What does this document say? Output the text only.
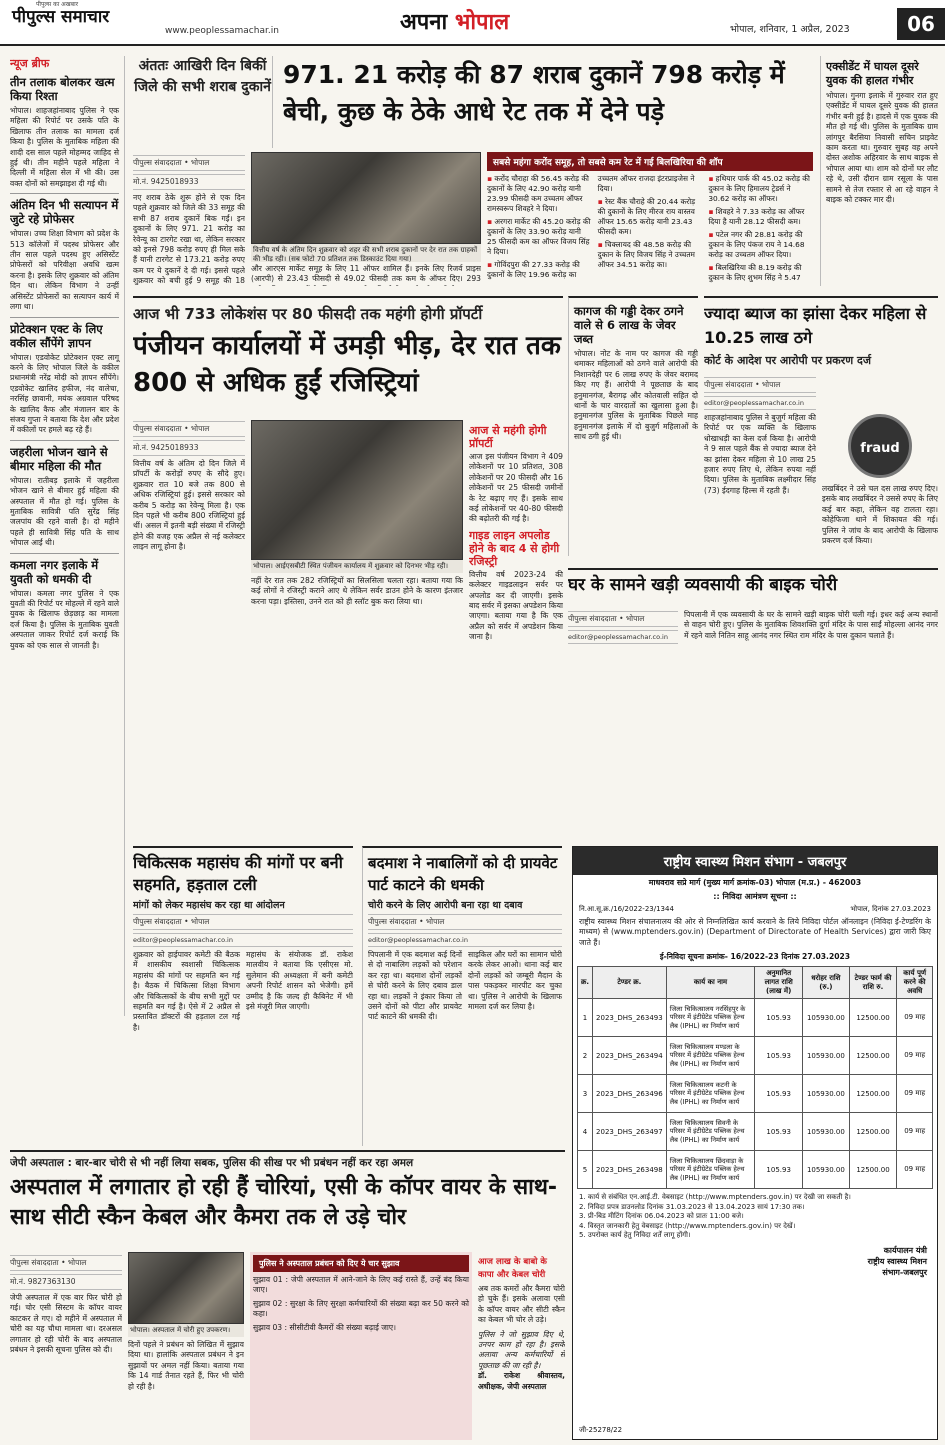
पीपुल्स का अखबार
पीपुल्स समाचार
www.peoplessamachar.in	अपना भोपाल	भोपाल, शनिवार, 1 अप्रैल, 2023	06
न्यूज ब्रीफ
तीन तलाक बोलकर खत्म किया रिश्ता
भोपाल। शाहजहांनाबाद पुलिस ने एक महिला की रिपोर्ट पर उसके पति के खिलाफ तीन तलाक का मामला दर्ज किया है। पुलिस के मुताबिक महिला की शादी दस साल पहले मोहम्मद जाहिद से हुई थी। तीन महीने पहले महिला ने दिल्ली में महिला सेल में भी की। उस वक्त दोनों को समझाइश दी गई थी।
अंतिम दिन भी सत्यापन में जुटे रहे प्रोफेसर
भोपाल। उच्च शिक्षा विभाग को प्रदेश के 513 कॉलेजों में पदस्थ प्रोफेसर और तीन साल पहले पदस्थ हुए असिस्टेंट प्रोफेसरों को परिवीक्षा अवधि खत्म करना है। इसके लिए शुक्रवार को अंतिम दिन था। लेकिन विभाग ने उन्हीं असिस्टेंट प्रोफेसरों का सत्यापन कार्य में लगा था।
प्रोटेक्शन एक्ट के लिए वकील सौंपेंगे ज्ञापन
भोपाल। एडवोकेट प्रोटेक्शन एक्ट लागू करने के लिए भोपाल जिले के वकील प्रधानमंत्री नरेंद्र मोदी को ज्ञापन सौंपेंगे। एडवोकेट खालिद हफीज, नंद वालेचा, नरसिंह छावानी, मयंक अग्रवाल परिषद के खालिद कैफ और मंजालन बार के संजय गुप्ता ने बताया कि देश और प्रदेश में वकीलों पर हमले बढ़ रहे हैं।
जहरीला भोजन खाने से बीमार महिला की मौत
भोपाल। रातीबड़ इलाके में जहरीला भोजन खाने से बीमार हुई महिला की अस्पताल में मौत हो गई। पुलिस के मुताबिक सावित्री पति सुरेंद्र सिंह जलपांय की रहने वाली है। दो महीने पहले ही सावित्री सिंह पति के साथ भोपाल आईं थी।
कमला नगर इलाके में युवती को धमकी दी
भोपाल। कमला नगर पुलिस ने एक युवती की रिपोर्ट पर मोहल्ले में रहने वाले युवक के खिलाफ छेड़छाड़ का मामला दर्ज किया है। पुलिस के मुताबिक युवती अस्पताल जाकर रिपोर्ट दर्ज कराई कि युवक को एक साल से जानती है।
अंततः आखिरी दिन बिकीं जिले की सभी शराब दुकानें 971. 21 करोड़ की 87 शराब दुकानें 798 करोड़ में बेची, कुछ के ठेके आधे रेट तक में देने पड़े
पीपुल्स संवाददाता • भोपाल
मो.नं. 9425018933
नए शराब ठेके शुरू होने से एक दिन पहले शुक्रवार को जिले की 33 समूह की सभी 87 शराब दुकानें बिक गईं। इन दुकानों के लिए 971. 21 करोड़ का रेवेन्यू का टारगेट रखा था, लेकिन सरकार को इनसे 798 करोड़ रुपए ही मिल सके हैं यानी टारगेट से 173.21 करोड़ रुपए कम पर ये दुकानें दे दी गई। इससे पहले शुक्रवार को बची हुई 9 समूह की 18
वित्तीय वर्ष के अंतिम दिन शुक्रवार को शहर की सभी शराब दुकानों पर देर रात तक ग्राहकों की भीड़ रही। (सब फोटो 70 प्रतिशत तक डिस्काउंट दिया गया)
और आरएस मार्केट समूह के लिए 11 ऑफर शामिल हैं। इनके लिए रिजर्व प्राइस (आरपी) से 23.43 फीसदी से 49.02 फीसदी तक कम के ऑफर दिए। 293
सबसे महंगा करोंद समूह, तो सबसे कम रेट में गई बिलखिरिया की शॉप
▪ करोंद चौराहा की 56.45 करोड़ की दुकानों के लिए 42.90 करोड़ यानी 23.99 फीसदी कम उच्चतम ऑफर रामस्वरूप शिवहरे ने दिया।
▪ अरगरा मार्केट की 45.20 करोड़ की दुकानों के लिए 33.90 करोड़ यानी 25 फीसदी कम का ऑफर विजय सिंह ने दिया।
▪ गोविंदपुरा की 27.33 करोड़ की दुकानों के लिए 19.96 करोड़ का उच्चतम ऑफर राजदा इंटरप्राइजेस ने दिया।
▪ रेस्ट बैंक चौराहे की 20.44 करोड़ की दुकानों के लिए मीरज राय वास्तव ऑफर 15.65 करोड़ यानी 23.43 फीसदी कम।
▪ चिक्लायद की 48.58 करोड़ की दुकान के लिए विजय सिंह ने उच्चतम ऑफर 34.51 करोड़ का।
▪ हथियार पार्क की 45.02 करोड़ की दुकान के लिए हिमालय ट्रेडर्स ने 30.62 करोड़ का ऑफर।
▪ शिवहरे ने 7.33 करोड़ का ऑफर दिया है यानी 28.12 फीसदी कम।
▪ पटेल नगर की 28.81 करोड़ की दुकान के लिए पंकज राय ने 14.68 करोड़ का उच्चतम ऑफर दिया।
▪ बिलखिरिया की 8.19 करोड़ की दुकान के लिए शुभम सिंह ने 5.47
एक्सीडेंट में घायल दूसरे युवक की हालत गंभीर
भोपाल। गुनगा इलाके में गुरुवार रात हुए एक्सीडेंट में घायल दूसरे युवक की हालत गंभीर बनी हुई है। हादसे में एक युवक की मौत हो गई थी। पुलिस के मुताबिक ग्राम लांगपुर बैरसिया निवासी सचिन प्राइवेट काम करता था। गुरुवार सुबह वह अपने दोस्त अशोक अहिरवार के साथ बाइक से भोपाल आया था। शाम को दोनों घर लौट रहे थे, उसी दौरान ग्राम रसूला के पास सामने से तेज रफ्तार से आ रहे वाहन ने बाइक को टक्कर मार दी।
आज भी 733 लोकेशंस पर 80 फीसदी तक महंगी होगी प्रॉपर्टी
पंजीयन कार्यालयों में उमड़ी भीड़, देर रात तक 800 से अधिक हुईं रजिस्ट्रियां
पीपुल्स संवाददाता • भोपाल
मो.नं. 9425018933
वित्तीय वर्ष के अंतिम दो दिन जिले में प्रॉपर्टी के करोड़ों रुपए के सौदे हुए। शुक्रवार रात 10 बजे तक 800 से अधिक रजिस्ट्रियां हुई। इससे सरकार को करीब 5 करोड़ का रेवेन्यू मिला है। एक दिन पहले भी करीब 800 रजिस्ट्रियां हुई थीं। असल में इतनी बड़ी संख्या में रजिस्ट्री होने की वजह एक अप्रैल से नई कलेक्टर लाइन लागू होना है।
भोपाल। आईएसबीटी स्थित पंजीयन कार्यालय में शुक्रवार को दिनभर भीड़ रही।
नहीं देर रात तक 282 रजिस्ट्रियों का सिलसिला चलता रहा। बताया गया कि कई लोगों ने रजिस्ट्री कराने आए थे लेकिन सर्वर डाउन होने के कारण इंतजार करना पड़ा। इस्तिसा, उनने रात को ही स्लॉट बुक करा लिया था।
आज से महंगी होगी प्रॉपर्टी
आज इस पंजीयन विभाग ने 409 लोकेशनों पर 10 प्रतिशत, 308 लोकेशनों पर 20 फीसदी और 16 लोकेशनों पर 25 फीसदी जमीनों के रेट बढ़ाए गए हैं। इसके साथ कई लोकेशनों पर 40-80 फीसदी की बढ़ोतरी की गई है।
गाइड लाइन अपलोड होने के बाद 4 से होगी रजिस्ट्री
वित्तीय वर्ष 2023-24 की कलेक्टर गाइडलाइन सर्वर पर अपलोड कर दी जाएगी। इसके बाद सर्वर में इसका अपडेशन किया जाएगा। बताया गया है कि एक अप्रैल को सर्वर में अपडेशन किया जाना है।
कागज की गड्डी देकर ठगने वाले से 6 लाख के जेवर जब्त
भोपाल। नोट के नाम पर कागज की गड्डी थमाकर महिलाओं को ठगने वाले आरोपी की निशानदेही पर 6 लाख रुपए के जेवर बरामद किए गए हैं। आरोपी ने पूछताछ के बाद हनुमानगंज, बैरागढ़ और कोतवाली सहित दो थानों के चार वारदातों का खुलासा हुआ है। हनुमानगंज पुलिस के मुताबिक पिछले माह हनुमानगंज इलाके में दो बुजुर्ग महिलाओं के साथ ठगी हुई थी।
ज्यादा ब्याज का झांसा देकर महिला से 10.25 लाख ठगे
कोर्ट के आदेश पर आरोपी पर प्रकरण दर्ज
पीपुल्स संवाददाता • भोपाल
editor@peoplessamachar.co.in
शाहजहांनाबाद पुलिस ने बुजुर्ग महिला की रिपोर्ट पर एक व्यक्ति के खिलाफ धोखाधड़ी का केस दर्ज किया है। आरोपी ने 9 साल पहले बैंक से ज्यादा ब्याज देने का झांसा देकर महिला से 10 लाख 25 हजार रुपए लिए थे, लेकिन रुपया नहीं दिया। पुलिस के मुताबिक लक्ष्मीदार सिंह (73) ईदगाह हिल्स में रहती हैं।
fraud
लखबिंदर ने उसे चल दस लाख रुपए दिए। इसके बाद लखबिंदर ने उससे रुपए के लिए कई बार कहा, लेकिन वह टालता रहा। कोहेफिजा थाने में शिकायत की गई। पुलिस ने जांच के बाद आरोपी के खिलाफ प्रकरण दर्ज किया।
घर के सामने खड़ी व्यवसायी की बाइक चोरी
पीपुल्स संवाददाता • भोपाल
editor@peoplessamachar.co.in
पिपलानी में एक व्यवसायी के घर के सामने खड़ी बाइक चोरी चली गई। इधर कई अन्य स्थानों से वाहन चोरी हुए। पुलिस के मुताबिक शिवशक्ति दुर्गा मंदिर के पास साईं मोहल्ला आनंद नगर में रहने वाले नितिन साहू आनंद नगर स्थित राम मंदिर के पास दुकान चलाते हैं।
चिकित्सक महासंघ की मांगों पर बनी सहमति, हड़ताल टली
मांगों को लेकर महासंघ कर रहा था आंदोलन
पीपुल्स संवाददाता • भोपाल
editor@peoplessamachar.co.in
शुक्रवार को हाईपावर कमेटी की बैठक में शासकीय स्वशासी चिकित्सक महासंघ की मांगों पर सहमति बन गई है। बैठक में चिकित्सा शिक्षा विभाग और चिकित्सकों के बीच सभी मुद्दों पर सहमति बन गई है। ऐसे में 2 अप्रैल से प्रस्तावित डॉक्टरों की हड़ताल टल गई है।
महासंघ के संयोजक डॉ. राकेश मालवीय ने बताया कि एसीएस मो. सुलेमान की अध्यक्षता में बनी कमेटी अपनी रिपोर्ट शासन को भेजेगी। हमें उम्मीद है कि जल्द ही कैबिनेट में भी इसे मंजूरी मिल जाएगी।
बदमाश ने नाबालिगों को दी प्रायवेट पार्ट काटने की धमकी
चोरी करने के लिए आरोपी बना रहा था दबाव
पीपुल्स संवाददाता • भोपाल
editor@peoplessamachar.co.in
पिपलानी में एक बदमाश कई दिनों से दो नाबालिग लड़कों को परेशान कर रहा था। बदमाश दोनों लड़कों से चोरी करने के लिए दबाव डाल रहा था। लड़कों ने इंकार किया तो उसने दोनों को पीटा और प्रायवेट पार्ट काटने की धमकी दी।
साइकिल और घरों का सामान चोरी करके लेकर आओ। थाना कई बार दोनों लड़कों को जम्बूरी मैदान के पास पकड़कर मारपीट कर चुका था। पुलिस ने आरोपी के खिलाफ मामला दर्ज कर लिया है।
जेपी अस्पताल : बार-बार चोरी से भी नहीं लिया सबक, पुलिस की सीख पर भी प्रबंधन नहीं कर रहा अमल
अस्पताल में लगातार हो रही हैं चोरियां, एसी के कॉपर वायर के साथ-साथ सीटी स्कैन केबल और कैमरा तक ले उड़े चोर
पीपुल्स संवाददाता • भोपाल
मो.नं. 9827363130
जेपी अस्पताल में एक बार फिर चोरी हो गई। चोर एसी सिस्टम के कॉपर वायर काटकर ले गए। दो महीने में अस्पताल में चोरी का यह चौथा मामला था। दरअसल लगातार हो रही चोरी के बाद अस्पताल प्रबंधन ने इसकी सूचना पुलिस को दी।
भोपाल। अस्पताल में चोरी हुए उपकरण।
दिनों पहले ने प्रबंधन को लिखित में सुझाव दिया था। हालांकि अस्पताल प्रबंधन ने इन सुझावों पर अमल नहीं किया। बताया गया कि 14 गार्ड तैनात रहते हैं, फिर भी चोरी हो रही है।
पुलिस ने अस्पताल प्रबंधन को दिए ये चार सुझाव
सुझाव 01 : जेपी अस्पताल में आने-जाने के लिए कई रास्ते हैं, उन्हें बंद किया जाए।
सुझाव 02 : सुरक्षा के लिए सुरक्षा कर्मचारियों की संख्या बढ़ा कर 50 करने को कहा।
सुझाव 03 : सीसीटीवी कैमरों की संख्या बढ़ाई जाए।
आज लाख के बाबो के कापा और केबल चोरी
अब तक कमरों और कैमरा चोरी हो चुके हैं। इसके अलावा एसी के कॉपर वायर और सीटी स्कैन का केबल भी चोर ले उड़े।
पुलिस ने जो सुझाव दिए थे, उनपर काम हो रहा है। इसके अलावा अन्य कर्मचारियों से पूछताछ की जा रही है।
डॉ. राकेश श्रीवास्तव, अधीक्षक, जेपी अस्पताल
राष्ट्रीय स्वास्थ्य मिशन संभाग - जबलपुर
माधवराव सप्रे मार्ग (मुख्य मार्ग क्रमांक-03) भोपाल (म.प्र.) - 462003
:: निविदा आमंत्रण सूचना ::
नि.आ.सू.क्र./16/2022-23/1344	भोपाल, दिनांक 27.03.2023
राष्ट्रीय स्वास्थ्य मिशन संचालनालय की ओर से निम्नलिखित कार्य करवाने के लिये निविदा पोर्टल ऑनलाइन (निविदा ई-टेण्डरिंग के माध्यम) से (www.mptenders.gov.in) (Department of Directorate of Health Services) द्वारा जारी किए जाते हैं।
ई-निविदा सूचना क्रमांक- 16/2022-23 दिनांक 27.03.2023
क्र.	टेण्डर क्र.	कार्य का नाम	अनुमानित लागत राशि (लाख में)	धरोहर राशि (रु.)	टेण्डर फार्म की राशि रु.	कार्य पूर्ण करने की अवधि
1	2023_DHS_263493	जिला चिकित्सालय नरसिंहपुर के परिसर में इंटीग्रेटेड पब्लिक हेल्थ लैब (IPHL) का निर्माण कार्य	105.93	105930.00	12500.00	09 माह
2	2023_DHS_263494	जिला चिकित्सालय मण्डला के परिसर में इंटीग्रेटेड पब्लिक हेल्थ लैब (IPHL) का निर्माण कार्य	105.93	105930.00	12500.00	09 माह
3	2023_DHS_263496	जिला चिकित्सालय कटनी के परिसर में इंटीग्रेटेड पब्लिक हेल्थ लैब (IPHL) का निर्माण कार्य	105.93	105930.00	12500.00	09 माह
4	2023_DHS_263497	जिला चिकित्सालय सिवनी के परिसर में इंटीग्रेटेड पब्लिक हेल्थ लैब (IPHL) का निर्माण कार्य	105.93	105930.00	12500.00	09 माह
5	2023_DHS_263498	जिला चिकित्सालय छिंदवाड़ा के परिसर में इंटीग्रेटेड पब्लिक हेल्थ लैब (IPHL) का निर्माण कार्य	105.93	105930.00	12500.00	09 माह
1. कार्य से संबंधित एन.आई.टी. वेबसाइट (http://www.mptenders.gov.in) पर देखी जा सकती है।
2. निविदा प्रपत्र डाउनलोड दिनांक 31.03.2023 से 13.04.2023 सायं 17:30 तक।
3. प्री-बिड मीटिंग दिनांक 06.04.2023 को प्रातः 11:00 बजे।
4. विस्तृत जानकारी हेतु वेबसाइट (http://www.mptenders.gov.in) पर देखें।
5. उपरोक्त कार्य हेतु निविदा शर्तें लागू होंगी।
कार्यपालन यंत्री
राष्ट्रीय स्वास्थ्य मिशन
संभाग-जबलपुर
जी-25278/22
